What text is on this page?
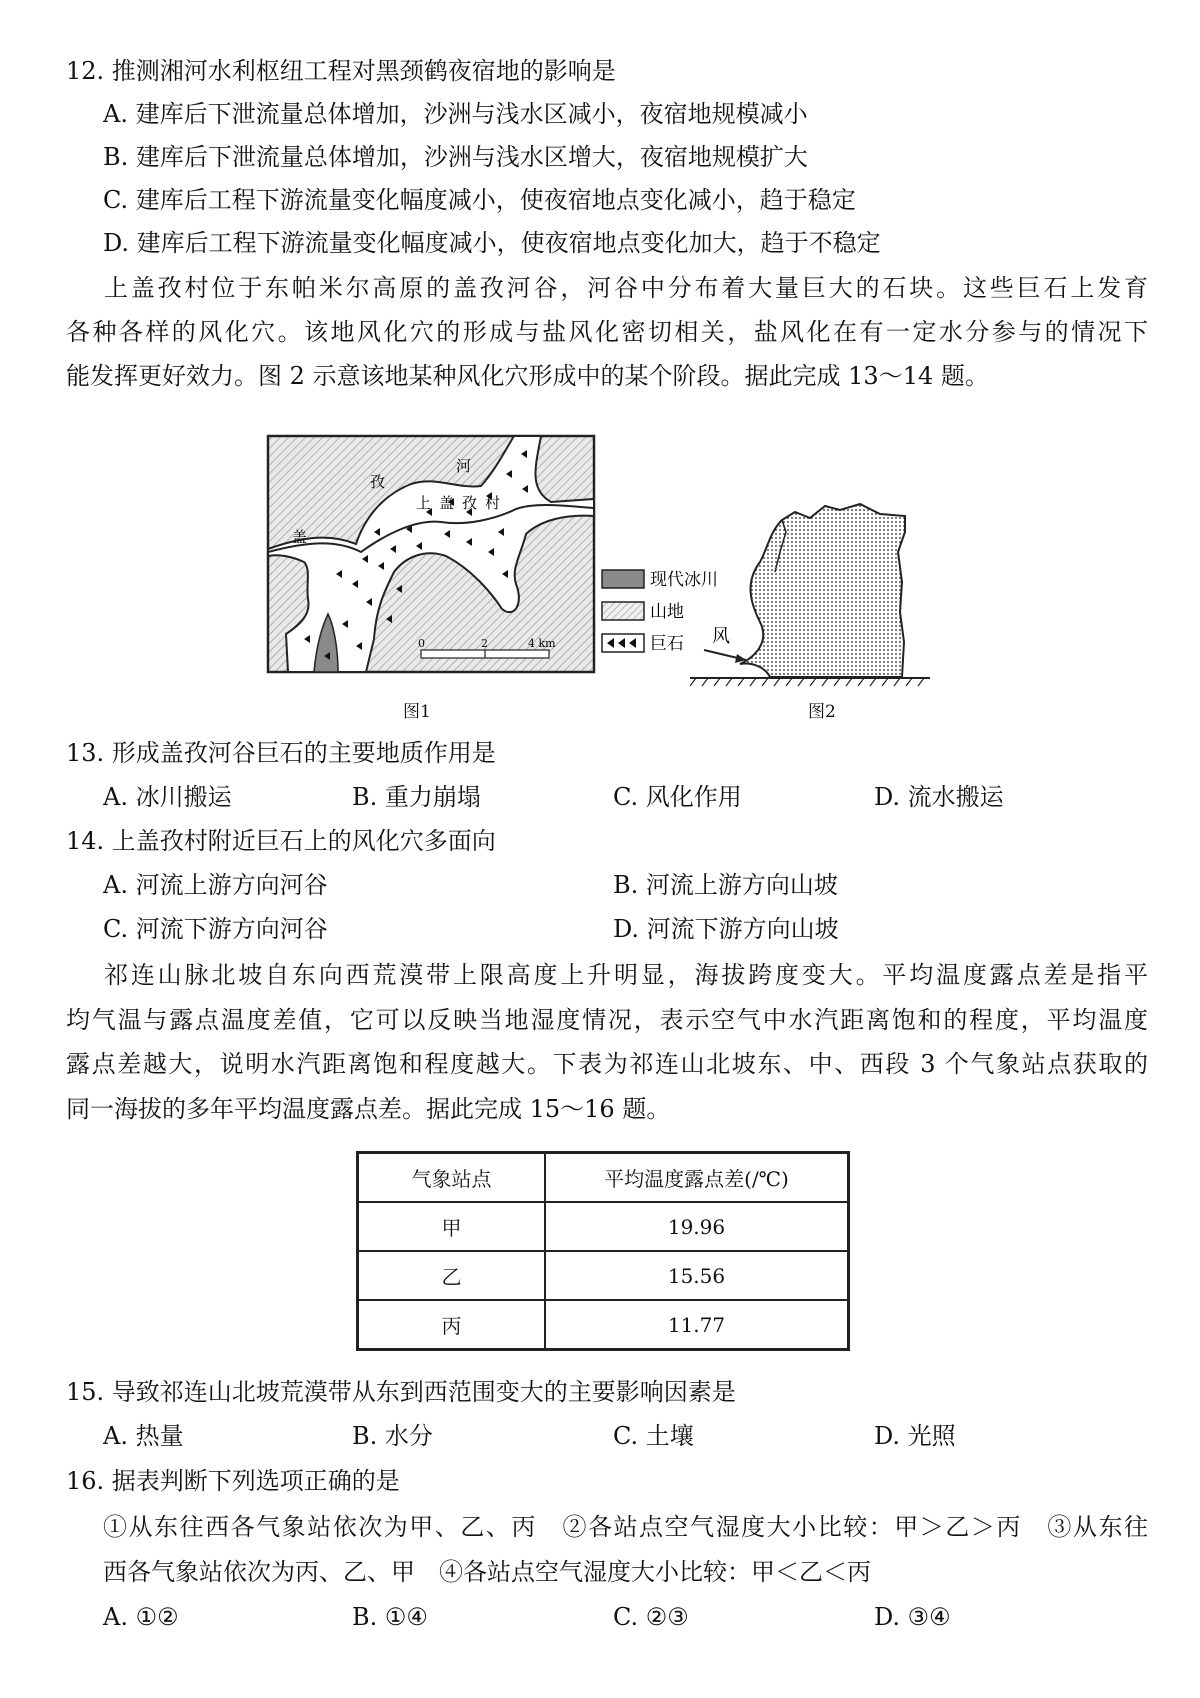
12. 推测湘河水利枢纽工程对黑颈鹤夜宿地的影响是
A. 建库后下泄流量总体增加，沙洲与浅水区减小，夜宿地规模减小
B. 建库后下泄流量总体增加，沙洲与浅水区增大，夜宿地规模扩大
C. 建库后工程下游流量变化幅度减小，使夜宿地点变化减小，趋于稳定
D. 建库后工程下游流量变化幅度减小，使夜宿地点变化加大，趋于不稳定
上盖孜村位于东帕米尔高原的盖孜河谷，河谷中分布着大量巨大的石块。这些巨石上发育
各种各样的风化穴。该地风化穴的形成与盐风化密切相关，盐风化在有一定水分参与的情况下
能发挥更好效力。图 2 示意该地某种风化穴形成中的某个阶段。据此完成 13～14 题。
盖
孜
河
上盖孜村
0	2	4 km
现代冰川
山地
巨石 风
图1	图2
13. 形成盖孜河谷巨石的主要地质作用是
A. 冰川搬运	B. 重力崩塌	C. 风化作用	D. 流水搬运
14. 上盖孜村附近巨石上的风化穴多面向
A. 河流上游方向河谷	B. 河流上游方向山坡
C. 河流下游方向河谷	D. 河流下游方向山坡
祁连山脉北坡自东向西荒漠带上限高度上升明显，海拔跨度变大。平均温度露点差是指平
均气温与露点温度差值，它可以反映当地湿度情况，表示空气中水汽距离饱和的程度，平均温度
露点差越大，说明水汽距离饱和程度越大。下表为祁连山北坡东、中、西段 3 个气象站点获取的
同一海拔的多年平均温度露点差。据此完成 15～16 题。
气象站点	平均温度露点差(/℃)
甲	19.96
乙	15.56
丙	11.77
15. 导致祁连山北坡荒漠带从东到西范围变大的主要影响因素是
A. 热量	B. 水分	C. 土壤	D. 光照
16. 据表判断下列选项正确的是
①从东往西各气象站依次为甲、乙、丙　②各站点空气湿度大小比较：甲＞乙＞丙　③从东往
西各气象站依次为丙、乙、甲　④各站点空气湿度大小比较：甲＜乙＜丙
A. ①②	B. ①④	C. ②③	D. ③④
